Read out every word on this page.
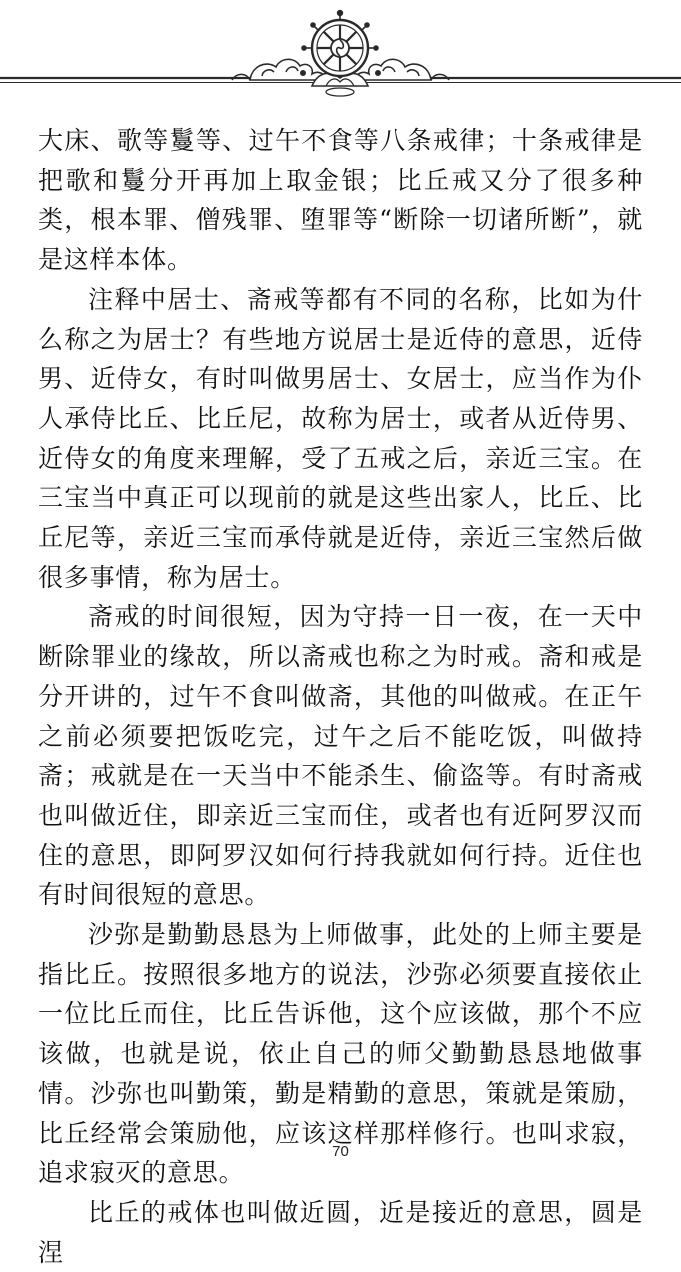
大床、歌等鬘等、过午不食等八条戒律；十条戒律是把歌和鬘分开再加上取金银；比丘戒又分了很多种类，根本罪、僧残罪、堕罪等“断除一切诸所断”，就是这样本体。

注释中居士、斋戒等都有不同的名称，比如为什么称之为居士？有些地方说居士是近侍的意思，近侍男、近侍女，有时叫做男居士、女居士，应当作为仆人承侍比丘、比丘尼，故称为居士，或者从近侍男、近侍女的角度来理解，受了五戒之后，亲近三宝。在三宝当中真正可以现前的就是这些出家人，比丘、比丘尼等，亲近三宝而承侍就是近侍，亲近三宝然后做很多事情，称为居士。

斋戒的时间很短，因为守持一日一夜，在一天中断除罪业的缘故，所以斋戒也称之为时戒。斋和戒是分开讲的，过午不食叫做斋，其他的叫做戒。在正午之前必须要把饭吃完，过午之后不能吃饭，叫做持斋；戒就是在一天当中不能杀生、偷盗等。有时斋戒也叫做近住，即亲近三宝而住，或者也有近阿罗汉而住的意思，即阿罗汉如何行持我就如何行持。近住也有时间很短的意思。

沙弥是勤勤恳恳为上师做事，此处的上师主要是指比丘。按照很多地方的说法，沙弥必须要直接依止一位比丘而住，比丘告诉他，这个应该做，那个不应该做，也就是说，依止自己的师父勤勤恳恳地做事情。沙弥也叫勤策，勤是精勤的意思，策就是策励，比丘经常会策励他，应该这样那样修行。也叫求寂，追求寂灭的意思。

比丘的戒体也叫做近圆，近是接近的意思，圆是涅

70
